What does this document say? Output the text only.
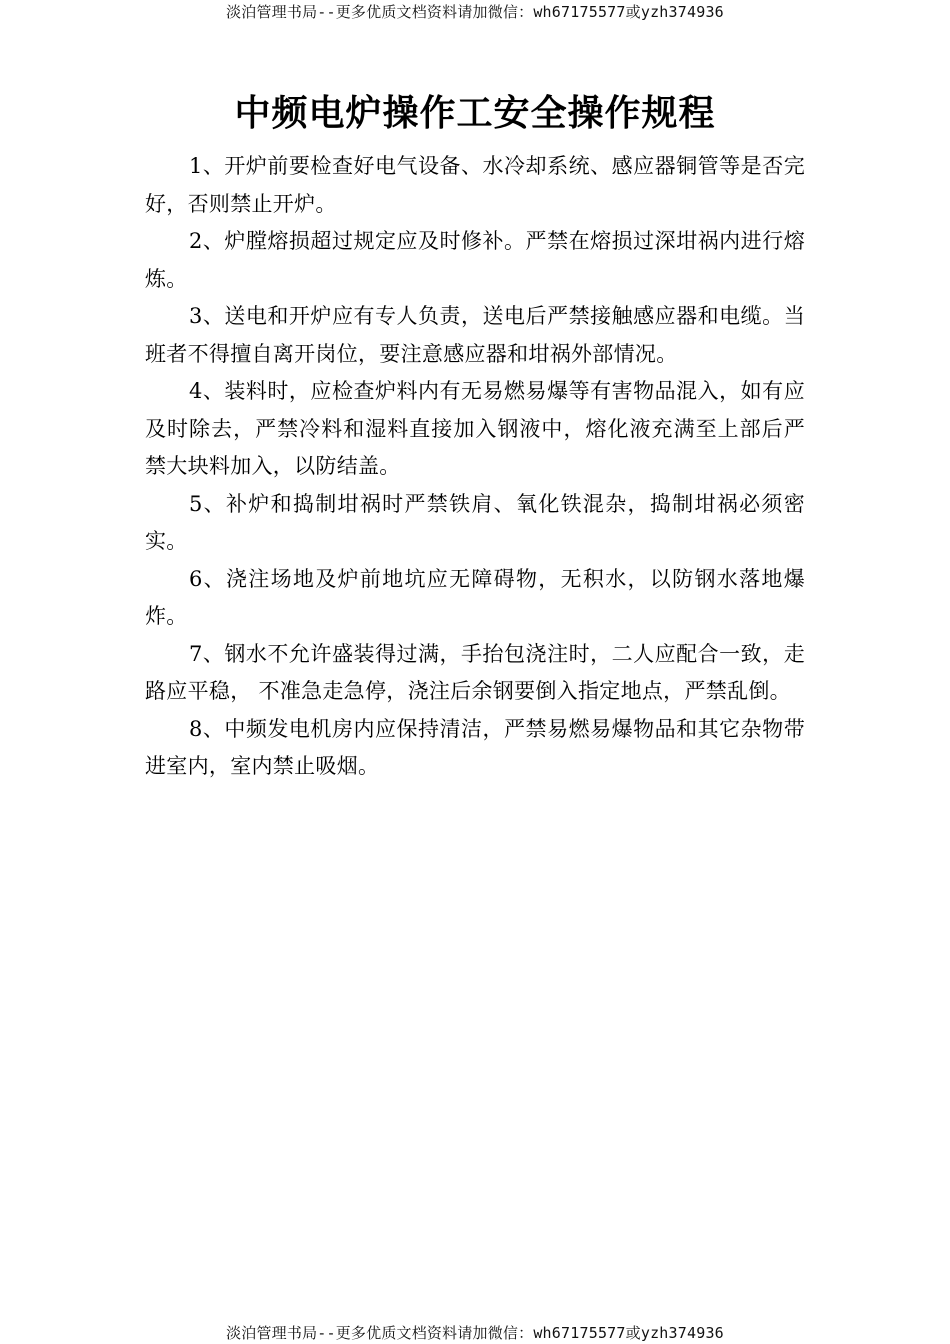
淡泊管理书局--更多优质文档资料请加微信：wh67175577或yzh374936
中频电炉操作工安全操作规程

1、开炉前要检查好电气设备、水冷却系统、感应器铜管等是否完好，否则禁止开炉。

2、炉膛熔损超过规定应及时修补。严禁在熔损过深坩祸内进行熔炼。

3、送电和开炉应有专人负责，送电后严禁接触感应器和电缆。当班者不得擅自离开岗位，要注意感应器和坩祸外部情况。

4、装料时，应检查炉料内有无易燃易爆等有害物品混入，如有应及时除去，严禁冷料和湿料直接加入钢液中，熔化液充满至上部后严禁大块料加入，以防结盖。

5、补炉和捣制坩祸时严禁铁肩、氧化铁混杂，捣制坩祸必须密实。

6、浇注场地及炉前地坑应无障碍物，无积水，以防钢水落地爆炸。

7、钢水不允许盛装得过满，手抬包浇注时，二人应配合一致，走路应平稳， 不准急走急停，浇注后余钢要倒入指定地点，严禁乱倒。

8、中频发电机房内应保持清洁，严禁易燃易爆物品和其它杂物带进室内，室内禁止吸烟。

淡泊管理书局--更多优质文档资料请加微信：wh67175577或yzh374936
